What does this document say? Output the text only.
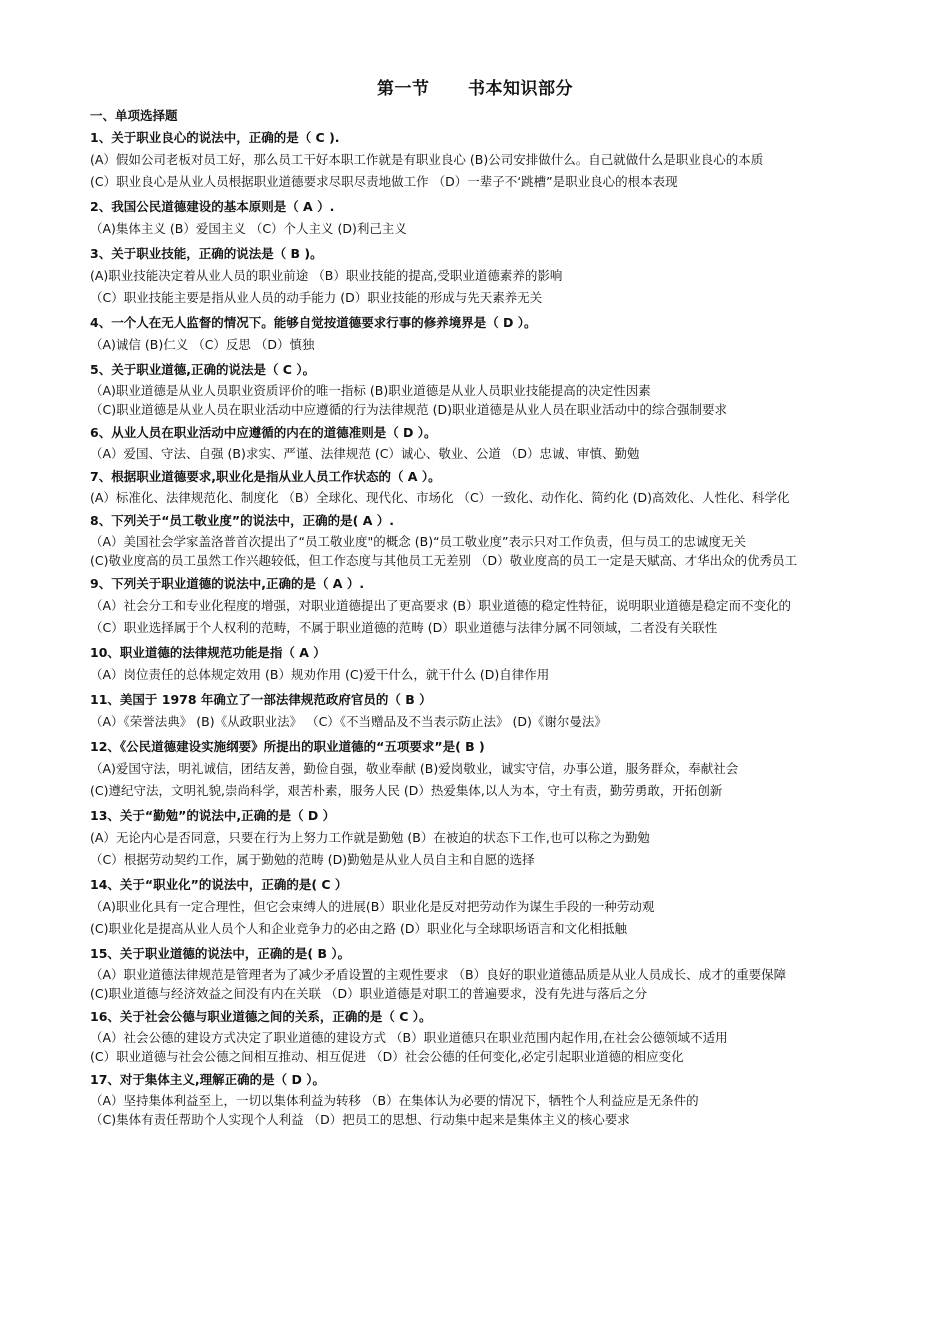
第一节      书本知识部分
一、单项选择题
1、关于职业良心的说法中，正确的是（ C ).
(A）假如公司老板对员工好，那么员工干好本职工作就是有职业良心 (B)公司安排做什么。自己就做什么是职业良心的本质
(C）职业良心是从业人员根据职业道德要求尽职尽责地做工作 （D）一辈子不‘跳槽”是职业良心的根本表现
2、我国公民道德建设的基本原则是（ A ）.
（A)集体主义 (B）爱国主义 （C）个人主义 (D)利己主义
3、关于职业技能，正确的说法是（ B )。
(A)职业技能决定着从业人员的职业前途 （B）职业技能的提高,受职业道德素养的影响
（C）职业技能主要是指从业人员的动手能力 (D）职业技能的形成与先天素养无关
4、一个人在无人监督的情况下。能够自觉按道德要求行事的修养境界是（ D ）。
（A)诚信 (B)仁义 （C）反思 （D）慎独
5、关于职业道德,正确的说法是（ C ）。
（A)职业道德是从业人员职业资质评价的唯一指标 (B)职业道德是从业人员职业技能提高的决定性因素
（C)职业道德是从业人员在职业活动中应遵循的行为法律规范 (D)职业道德是从业人员在职业活动中的综合强制要求
6、从业人员在职业活动中应遵循的内在的道德准则是（ D ）。
（A）爱国、守法、自强 (B)求实、严谨、法律规范 (C）诚心、敬业、公道 （D）忠诚、审慎、勤勉
7、根据职业道德要求,职业化是指从业人员工作状态的（ A ）。
(A）标准化、法律规范化、制度化 （B）全球化、现代化、市场化 （C）一致化、动作化、简约化 (D)高效化、人性化、科学化
8、下列关于“员工敬业度”的说法中，正确的是( A ）.
（A）美国社会学家盖洛普首次提出了“员工敬业度"的概念 (B)“员工敬业度”表示只对工作负责，但与员工的忠诚度无关
(C)敬业度高的员工虽然工作兴趣较低，但工作态度与其他员工无差别 （D）敬业度高的员工一定是天赋高、才华出众的优秀员工
9、下列关于职业道德的说法中,正确的是（ A ）.
（A）社会分工和专业化程度的增强，对职业道德提出了更高要求 (B）职业道德的稳定性特征，说明职业道德是稳定而不变化的
（C）职业选择属于个人权利的范畴，不属于职业道德的范畴 (D）职业道德与法律分属不同领域，二者没有关联性
10、职业道德的法律规范功能是指（ A ）
（A）岗位责任的总体规定效用 (B）规劝作用 (C)爱干什么，就干什么 (D)自律作用
11、美国于 1978 年确立了一部法律规范政府官员的（ B ）
（A）《荣誉法典》 (B)《从政职业法》 （C）《不当赠品及不当表示防止法》 (D)《谢尔曼法》
12、《公民道德建设实施纲要》所提出的职业道德的“五项要求”是( B )
（A)爱国守法，明礼诚信，团结友善，勤俭自强，敬业奉献 (B)爱岗敬业，诚实守信，办事公道，服务群众，奉献社会
(C)遵纪守法，文明礼貌,崇尚科学，艰苦朴素，服务人民 (D）热爱集体,以人为本，守土有责，勤劳勇敢，开拓创新
13、关于“勤勉”的说法中,正确的是（ D ）
(A）无论内心是否同意，只要在行为上努力工作就是勤勉 (B）在被迫的状态下工作,也可以称之为勤勉
（C）根据劳动契约工作，属于勤勉的范畴 (D)勤勉是从业人员自主和自愿的选择
14、关于“职业化”的说法中，正确的是( C ）
（A)职业化具有一定合理性，但它会束缚人的进展(B）职业化是反对把劳动作为谋生手段的一种劳动观
(C)职业化是提高从业人员个人和企业竞争力的必由之路 (D）职业化与全球职场语言和文化相抵触
15、关于职业道德的说法中，正确的是( B ）。
（A）职业道德法律规范是管理者为了减少矛盾设置的主观性要求 （B）良好的职业道德品质是从业人员成长、成才的重要保障
(C)职业道德与经济效益之间没有内在关联 （D）职业道德是对职工的普遍要求，没有先进与落后之分
16、关于社会公德与职业道德之间的关系，正确的是（ C ）。
（A）社会公德的建设方式决定了职业道德的建设方式 （B）职业道德只在职业范围内起作用,在社会公德领域不适用
(C）职业道德与社会公德之间相互推动、相互促进 （D）社会公德的任何变化,必定引起职业道德的相应变化
17、对于集体主义,理解正确的是（ D ）。
（A）坚持集体利益至上，一切以集体利益为转移 （B）在集体认为必要的情况下，牺牲个人利益应是无条件的
（C)集体有责任帮助个人实现个人利益 （D）把员工的思想、行动集中起来是集体主义的核心要求
